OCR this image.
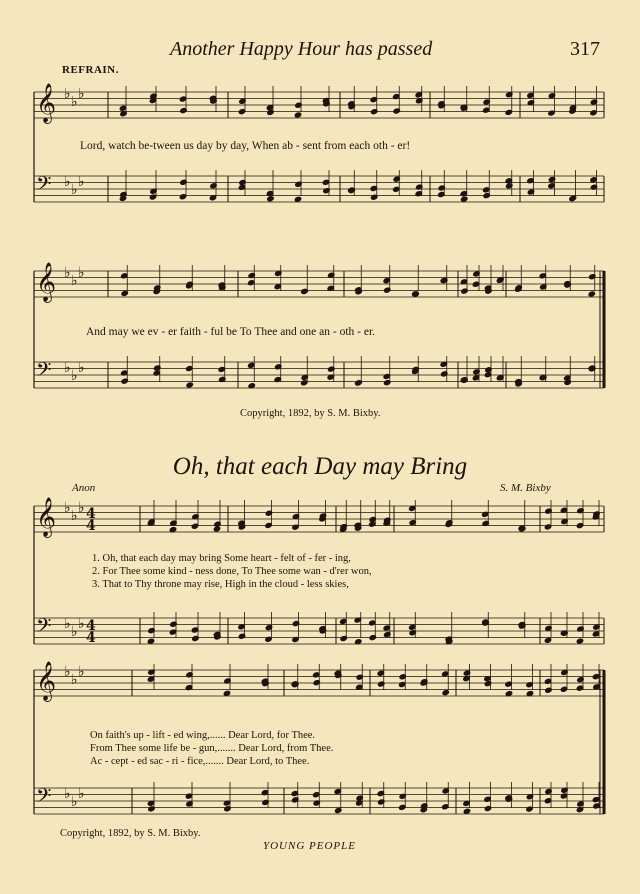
Another Happy Hour has passed	317
REFRAIN.
𝄞
𝄢
♭ ♭ ♭
♭ ♭ ♭
𝄞
𝄢
♭ ♭ ♭
♭ ♭ ♭
𝄞
𝄢
♭ ♭ ♭
♭ ♭ ♭
𝄞
𝄢
♭ ♭ ♭
♭ ♭ ♭
4
4
4
4
Lord, watch be-tween us day by day, When ab - sent from each oth - er!
And may we ev - er faith - ful be To Thee and one an - oth - er.
Copyright, 1892, by S. M. Bixby.
Oh, that each Day may Bring
Anon	S. M. Bixby
1. Oh, that each day may bring Some heart - felt of - fer - ing,
2. For Thee some kind - ness done, To Thee some wan - d'rer won,
3. That to Thy throne may rise, High in the cloud - less skies,
On faith's up - lift - ed wing,...... Dear Lord, for Thee.
From Thee some life be - gun,....... Dear Lord, from Thee.
Ac - cept - ed sac - ri - fice,....... Dear Lord, to Thee.
Copyright, 1892, by S. M. Bixby.
YOUNG PEOPLE
